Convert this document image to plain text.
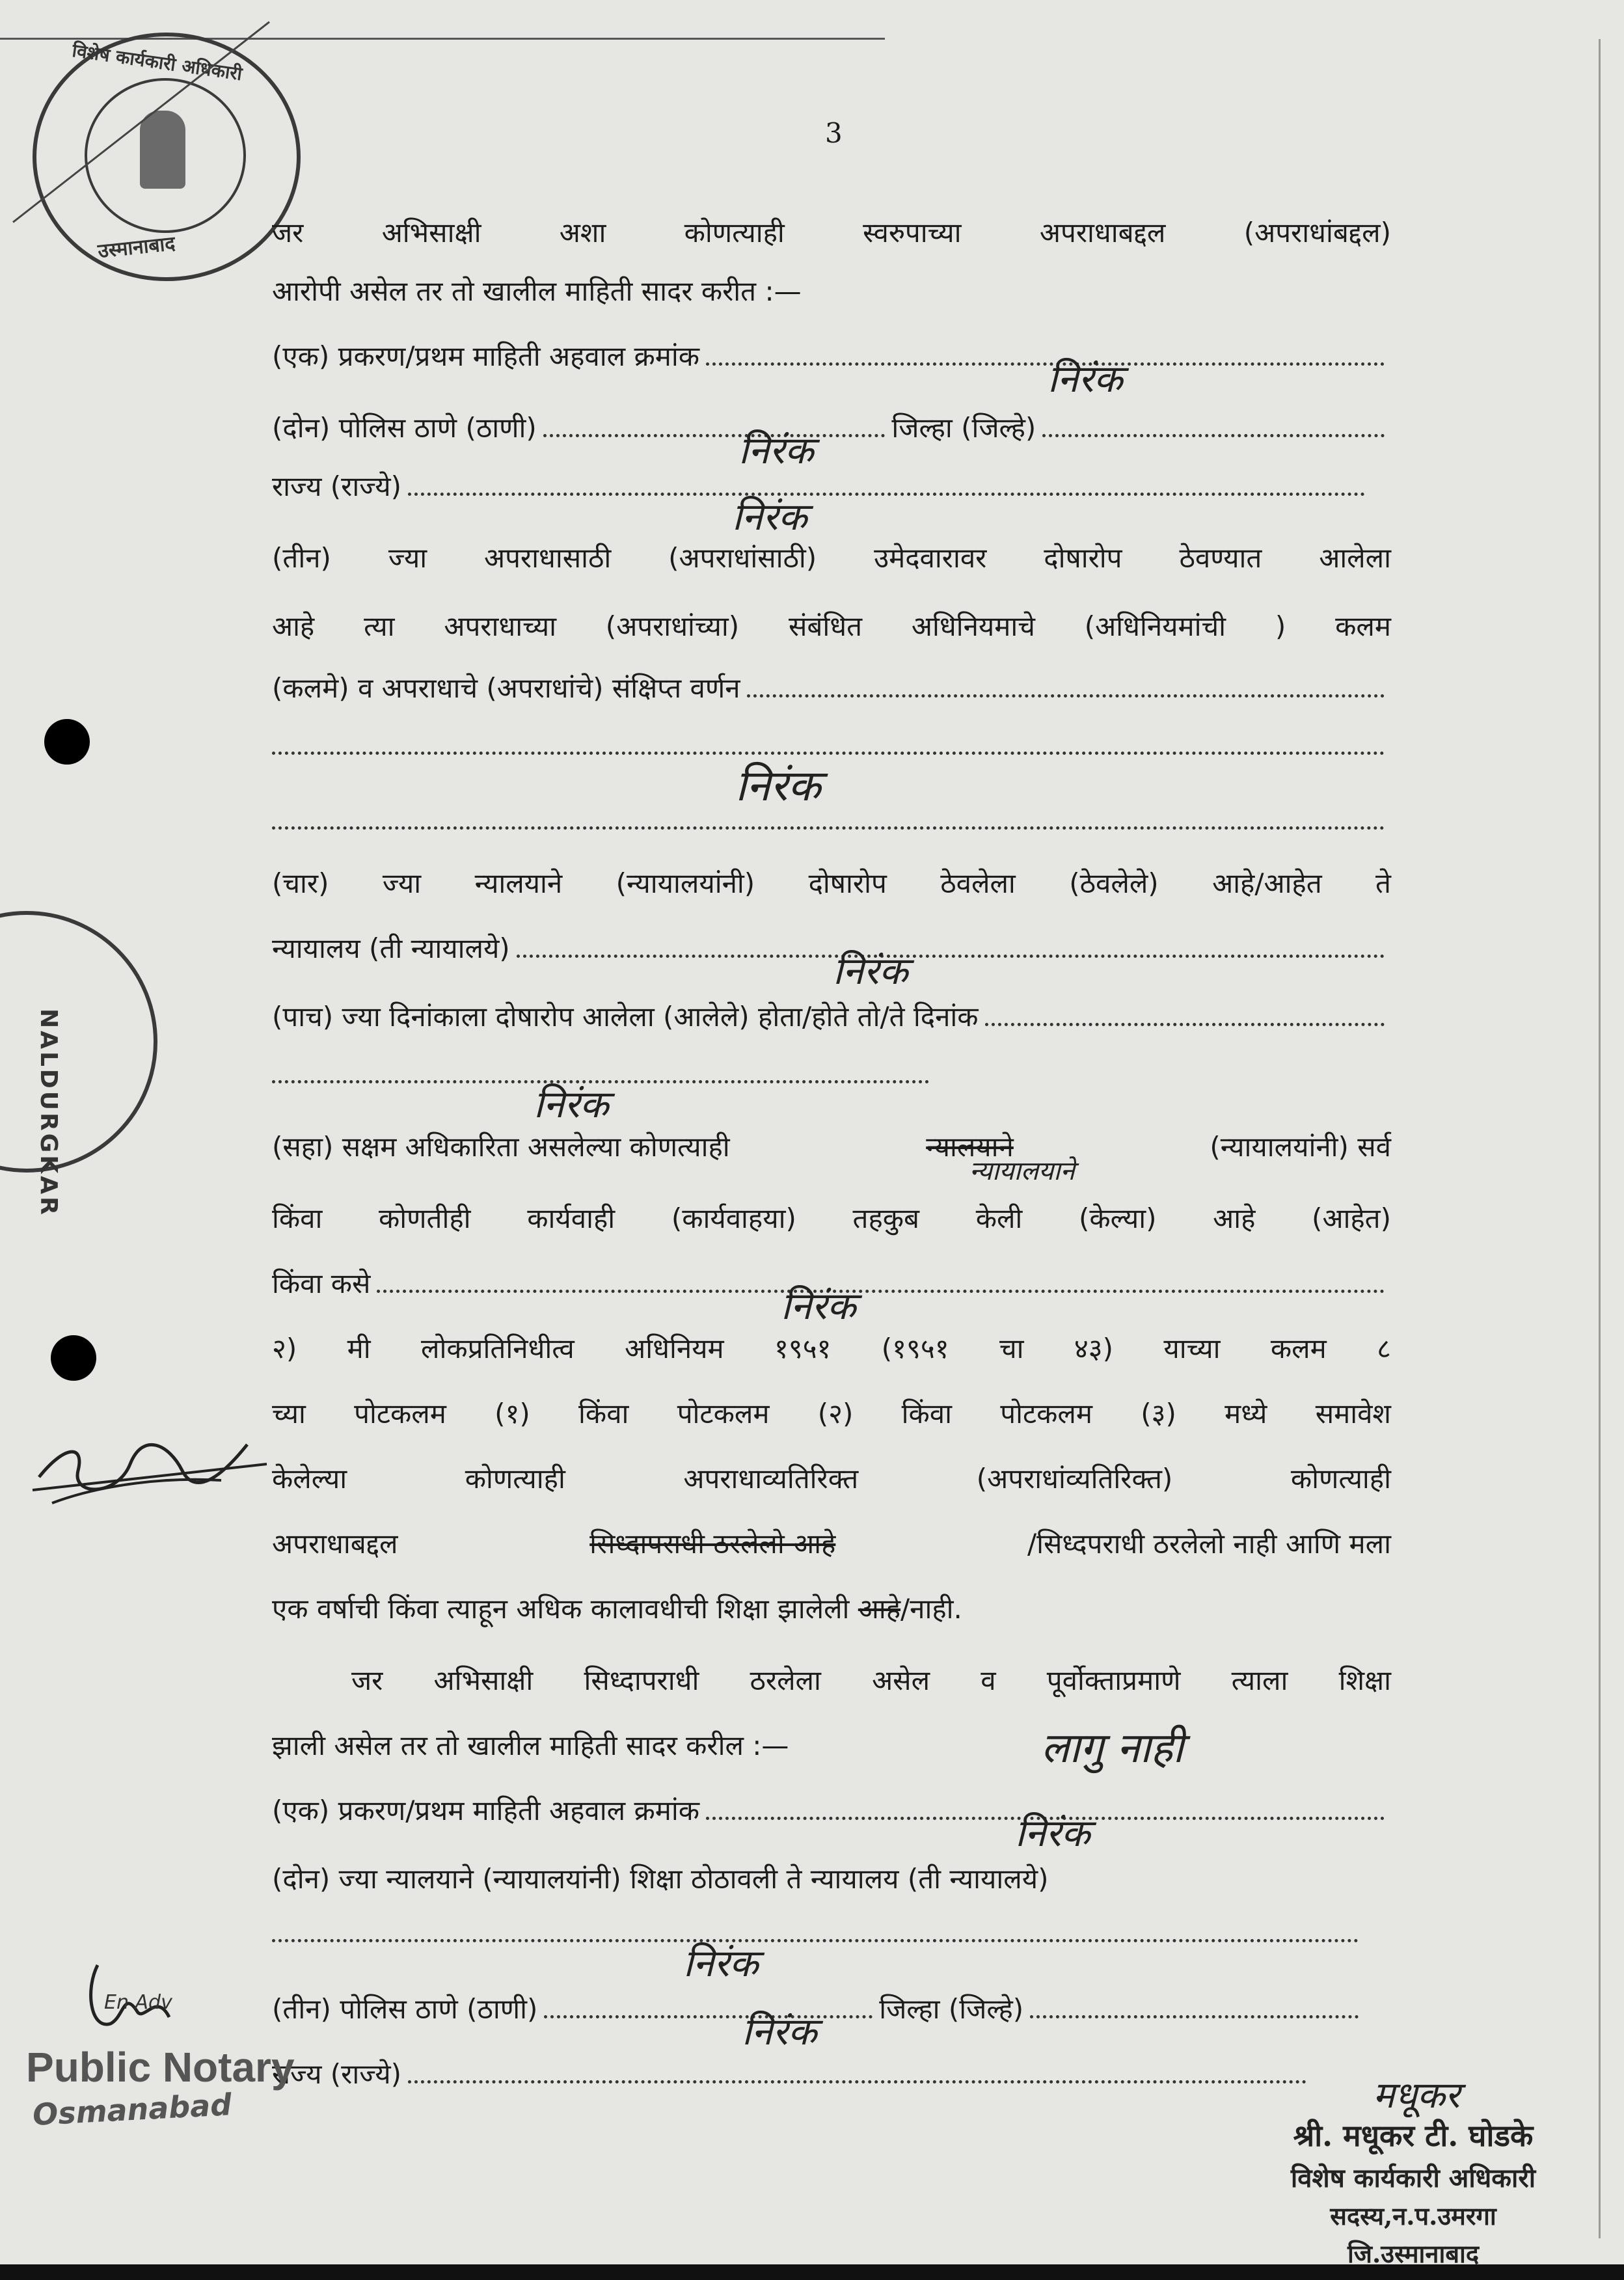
विशेष कार्यकारी अधिकारी
उस्मानाबाद
3
जर अभिसाक्षी अशा कोणत्याही स्वरुपाच्या अपराधाबद्दल (अपराधांबद्दल)
आरोपी असेल तर तो खालील माहिती सादर करीत :—
(एक) प्रकरण/प्रथम माहिती अहवाल क्रमांक
निरंक
(दोन) पोलिस ठाणे (ठाणी)	जिल्हा (जिल्हे)
निरंक
राज्य (राज्ये)
निरंक
(तीन) ज्या अपराधासाठी (अपराधांसाठी) उमेदवारावर दोषारोप ठेवण्यात आलेला
आहे त्या अपराधाच्या (अपराधांच्या) संबंधित अधिनियमाचे (अधिनियमांची ) कलम
(कलमे) व अपराधाचे (अपराधांचे) संक्षिप्त वर्णन
निरंक
(चार) ज्या न्यालयाने (न्यायालयांनी) दोषारोप ठेवलेला (ठेवलेले) आहे/आहेत ते
न्यायालय (ती न्यायालये)
निरंक
(पाच) ज्या दिनांकाला दोषारोप आलेला (आलेले) होता/होते तो/ते दिनांक
निरंक
(सहा) सक्षम अधिकारिता असलेल्या कोणत्याही	न्यालयाने	(न्यायालयांनी) सर्व
न्यायालयाने
किंवा कोणतीही कार्यवाही (कार्यवाहया) तहकुब केली (केल्या) आहे (आहेत)
किंवा कसे
निरंक
२) मी लोकप्रतिनिधीत्व अधिनियम १९५१ (१९५१ चा ४३) याच्या कलम ८
च्या पोटकलम (१) किंवा पोटकलम (२) किंवा पोटकलम (३) मध्ये समावेश
केलेल्या कोणत्याही अपराधाव्यतिरिक्त (अपराधांव्यतिरिक्त) कोणत्याही
अपराधाबद्दल	सिध्दापराधी ठरलेलो आहे	/सिध्दपराधी ठरलेलो नाही आणि मला
एक वर्षाची किंवा त्याहून अधिक कालावधीची शिक्षा झालेली आहे/नाही.
जर अभिसाक्षी सिध्दापराधी ठरलेला असेल व पूर्वोक्ताप्रमाणे त्याला शिक्षा
झाली असेल तर तो खालील माहिती सादर करील :—	लागु नाही
(एक) प्रकरण/प्रथम माहिती अहवाल क्रमांक
निरंक
(दोन) ज्या न्यालयाने (न्यायालयांनी) शिक्षा ठोठावली ते न्यायालय (ती न्यायालये)
निरंक
(तीन) पोलिस ठाणे (ठाणी)	जिल्हा (जिल्हे)
निरंक
राज्य (राज्ये)
NALDURGKAR
En Adv
Public Notary
Osmanabad	मधूकर
श्री. मधूकर टी. घोडके
विशेष कार्यकारी अधिकारी
सदस्य,न.प.उमरगा
जि.उस्मानाबाद
